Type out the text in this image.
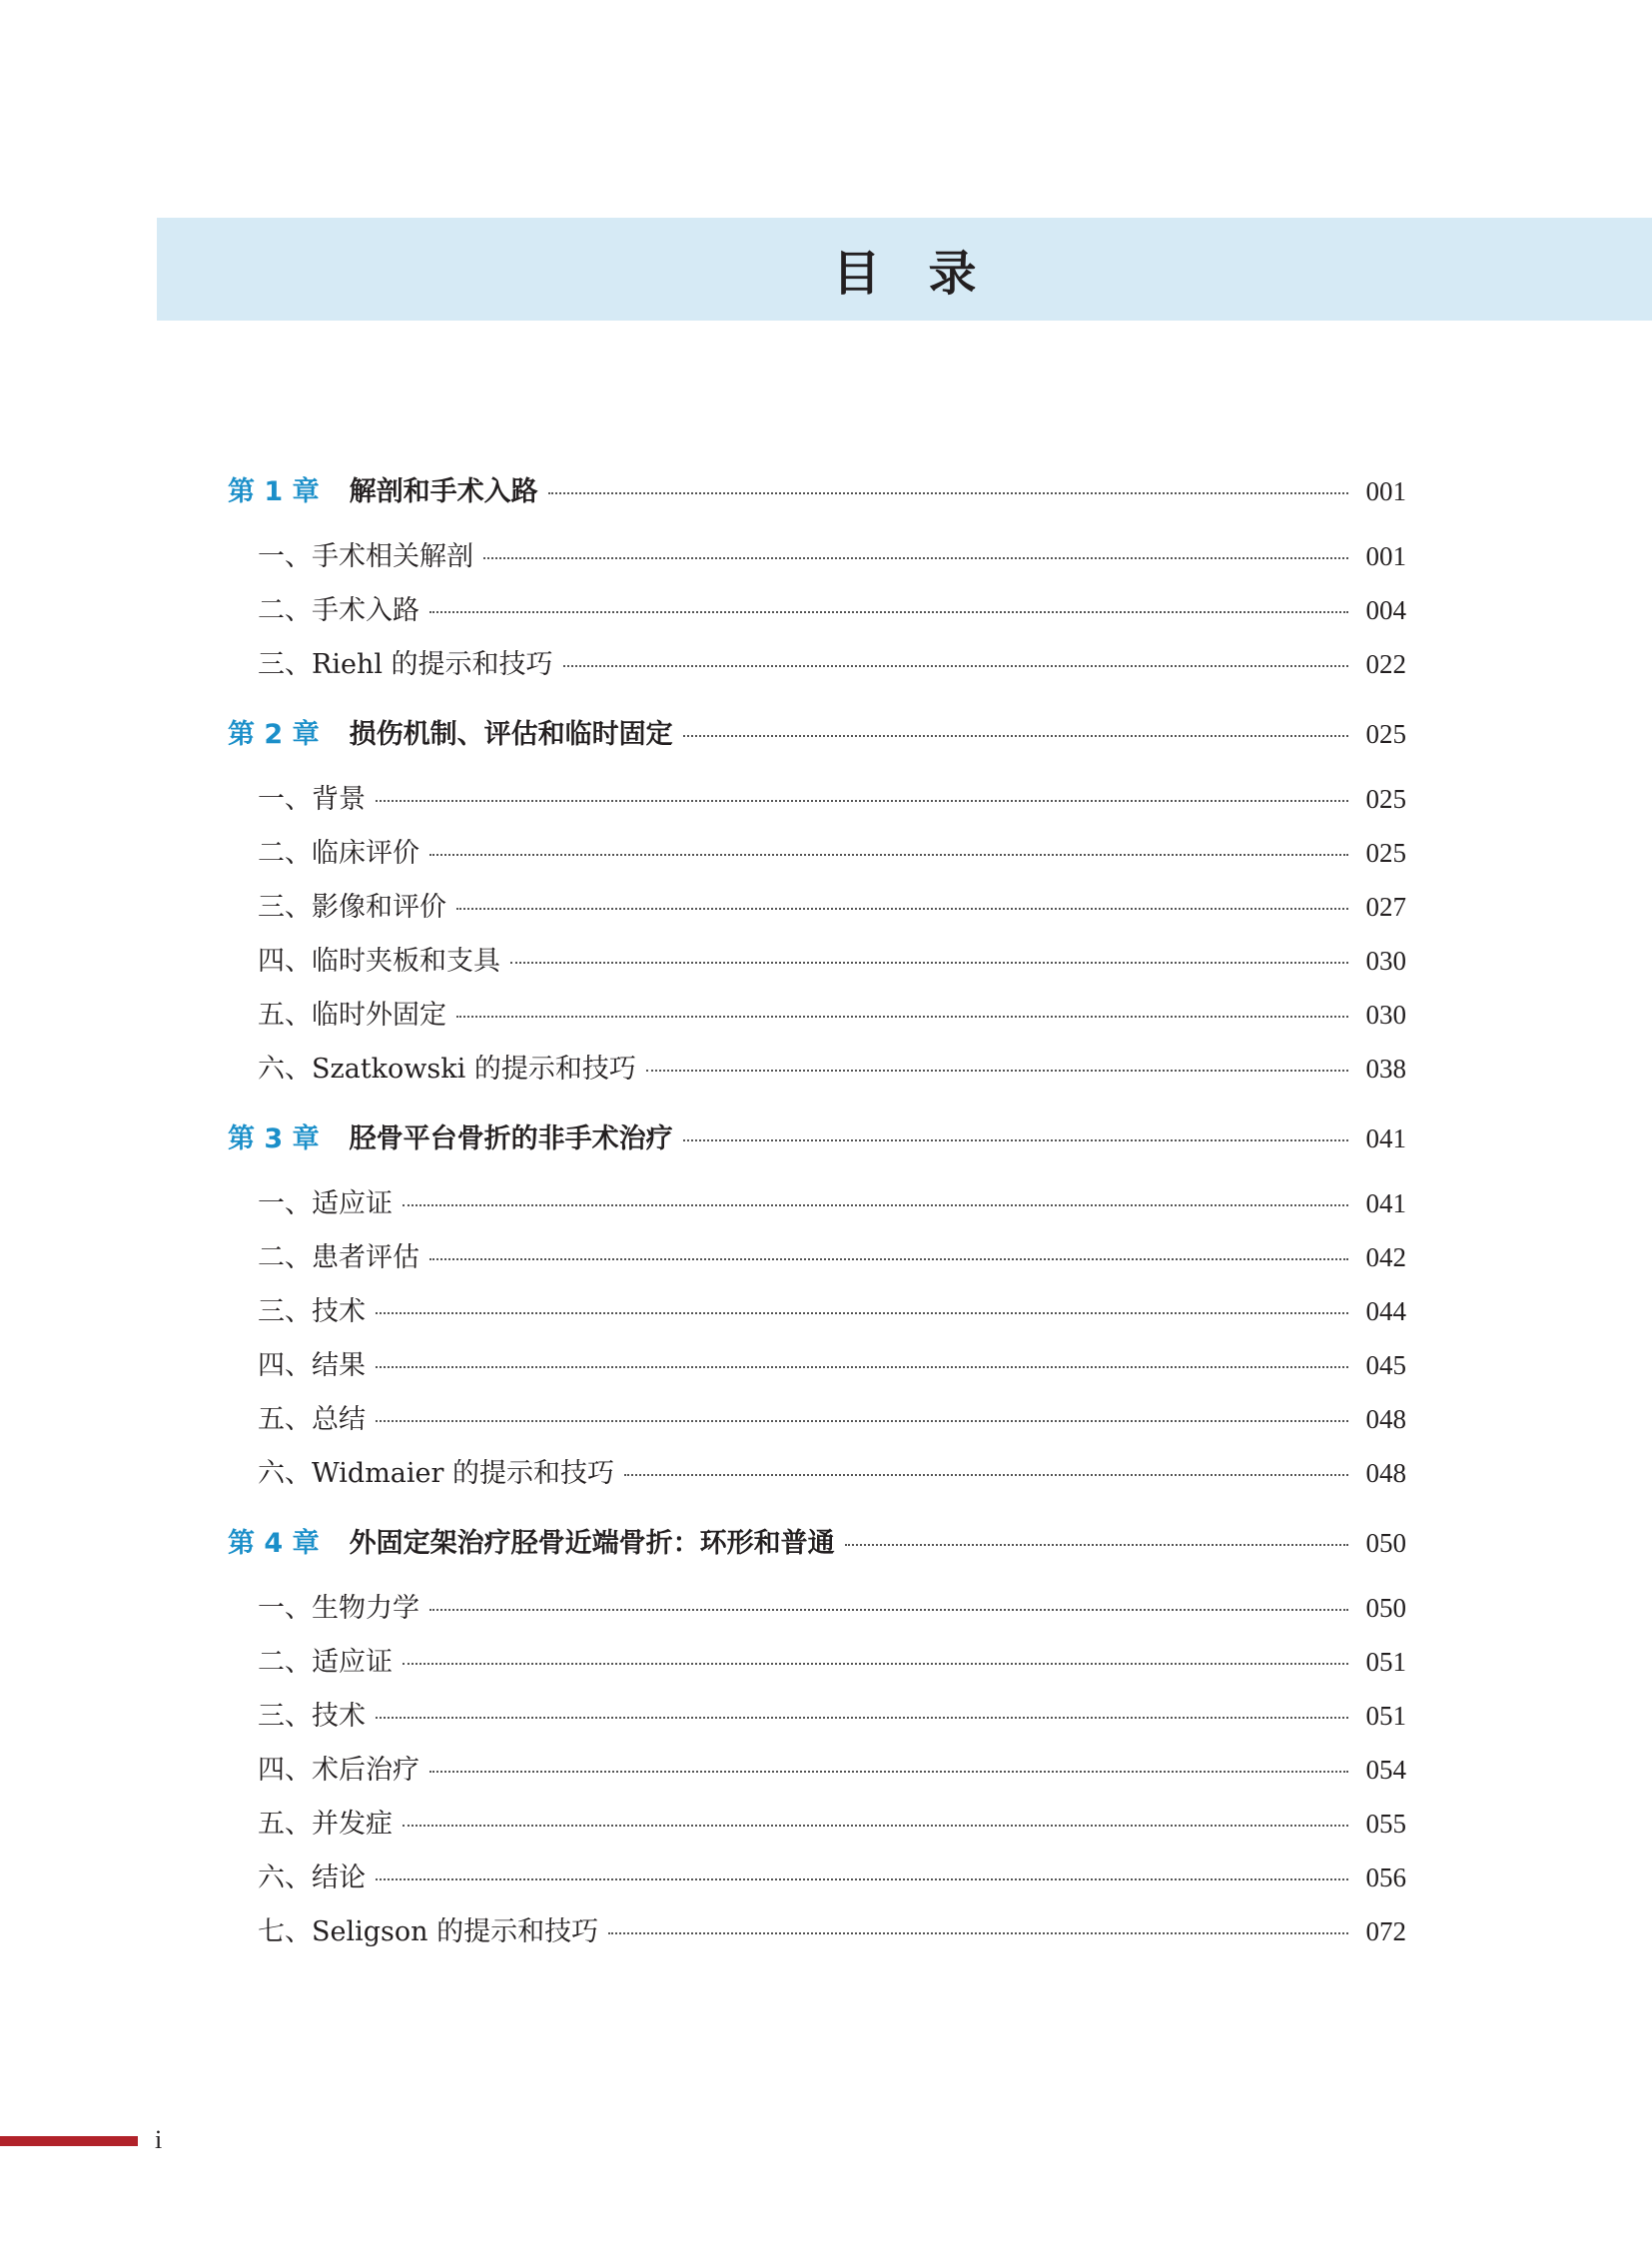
目录
第 1 章 解剖和手术入路	001
一、手术相关解剖	001
二、手术入路	004
三、Riehl 的提示和技巧	022
第 2 章 损伤机制、评估和临时固定	025
一、背景	025
二、临床评价	025
三、影像和评价	027
四、临时夹板和支具	030
五、临时外固定	030
六、Szatkowski 的提示和技巧	038
第 3 章 胫骨平台骨折的非手术治疗	041
一、适应证	041
二、患者评估	042
三、技术	044
四、结果	045
五、总结	048
六、Widmaier 的提示和技巧	048
第 4 章 外固定架治疗胫骨近端骨折：环形和普通	050
一、生物力学	050
二、适应证	051
三、技术	051
四、术后治疗	054
五、并发症	055
六、结论	056
七、Seligson 的提示和技巧	072
i
